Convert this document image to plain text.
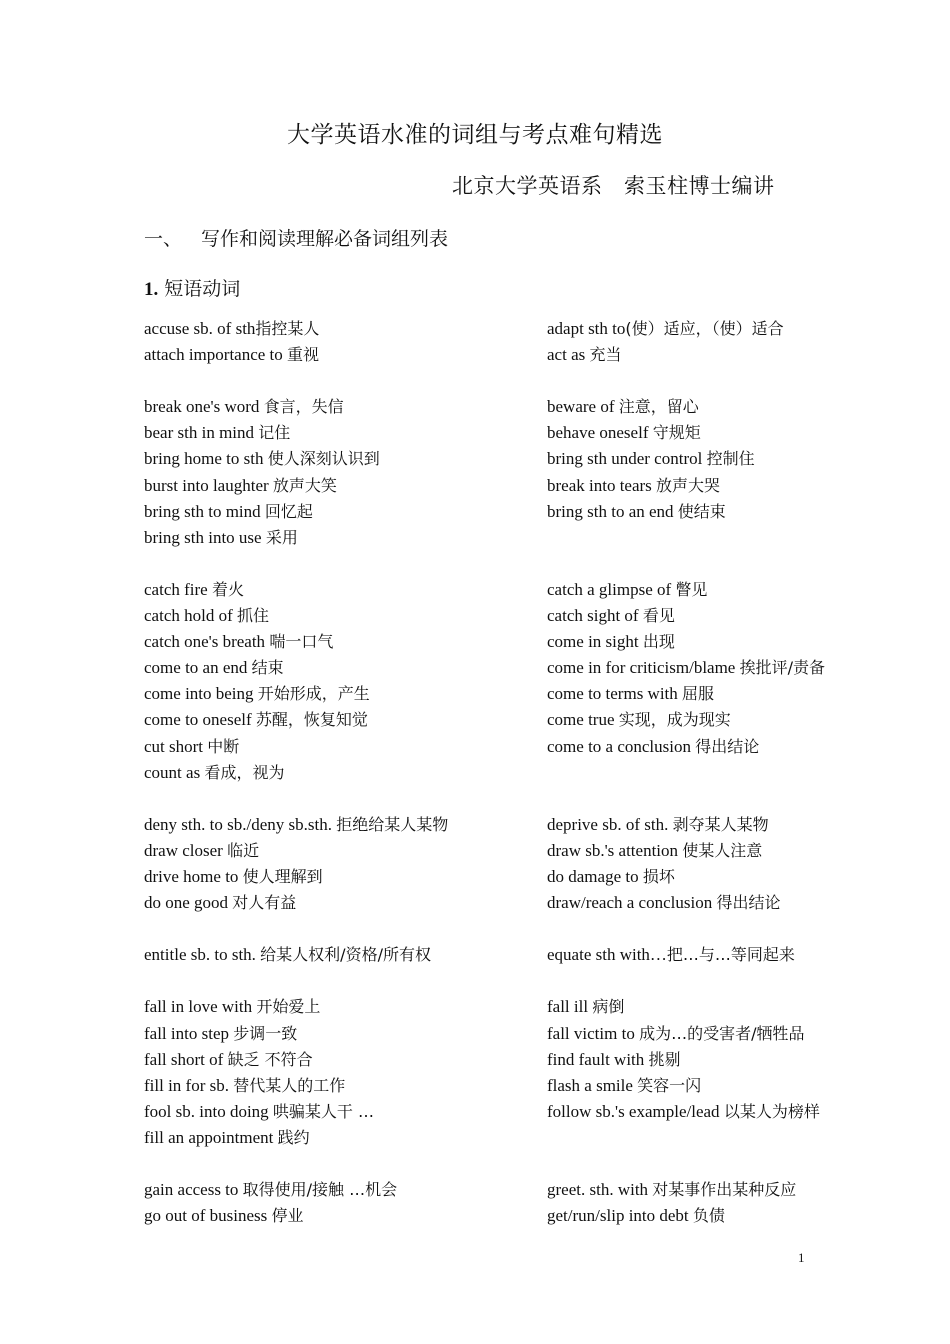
大学英语水准的词组与考点难句精选
北京大学英语系　索玉柱博士编讲
一、 写作和阅读理解必备词组列表
1. 短语动词
accuse sb. of sth指控某人
attach importance to 重视
break one's word 食言，失信
bear sth in mind 记住
bring home to sth 使人深刻认识到
burst into laughter 放声大笑
bring sth to mind 回忆起
bring sth into use 采用
catch fire 着火
catch hold of 抓住
catch one's breath 喘一口气
come to an end 结束
come into being 开始形成，产生
come to oneself 苏醒，恢复知觉
cut short 中断
count as 看成，视为
deny sth. to sb./deny sb.sth. 拒绝给某人某物
draw closer 临近
drive home to 使人理解到
do one good 对人有益
entitle sb. to sth. 给某人权利/资格/所有权
fall in love with 开始爱上
fall into step 步调一致
fall short of 缺乏 不符合
fill in for sb. 替代某人的工作
fool sb. into doing 哄骗某人干 …
fill an appointment 践约
gain access to 取得使用/接触 …机会
go out of business 停业
adapt sth to(使）适应，（使）适合
act as 充当
beware of 注意，留心
behave oneself 守规矩
bring sth under control 控制住
break into tears 放声大哭
bring sth to an end 使结束
catch a glimpse of 瞥见
catch sight of 看见
come in sight 出现
come in for criticism/blame 挨批评/责备
come to terms with 屈服
come true 实现，成为现实
come to a conclusion 得出结论
deprive sb. of sth. 剥夺某人某物
draw sb.'s attention 使某人注意
do damage to 损坏
draw/reach a conclusion 得出结论
equate sth with…把…与…等同起来
fall ill 病倒
fall victim to 成为…的受害者/牺牲品
find fault with 挑剔
flash a smile 笑容一闪
follow sb.'s example/lead 以某人为榜样
greet. sth. with 对某事作出某种反应
get/run/slip into debt 负债
1
